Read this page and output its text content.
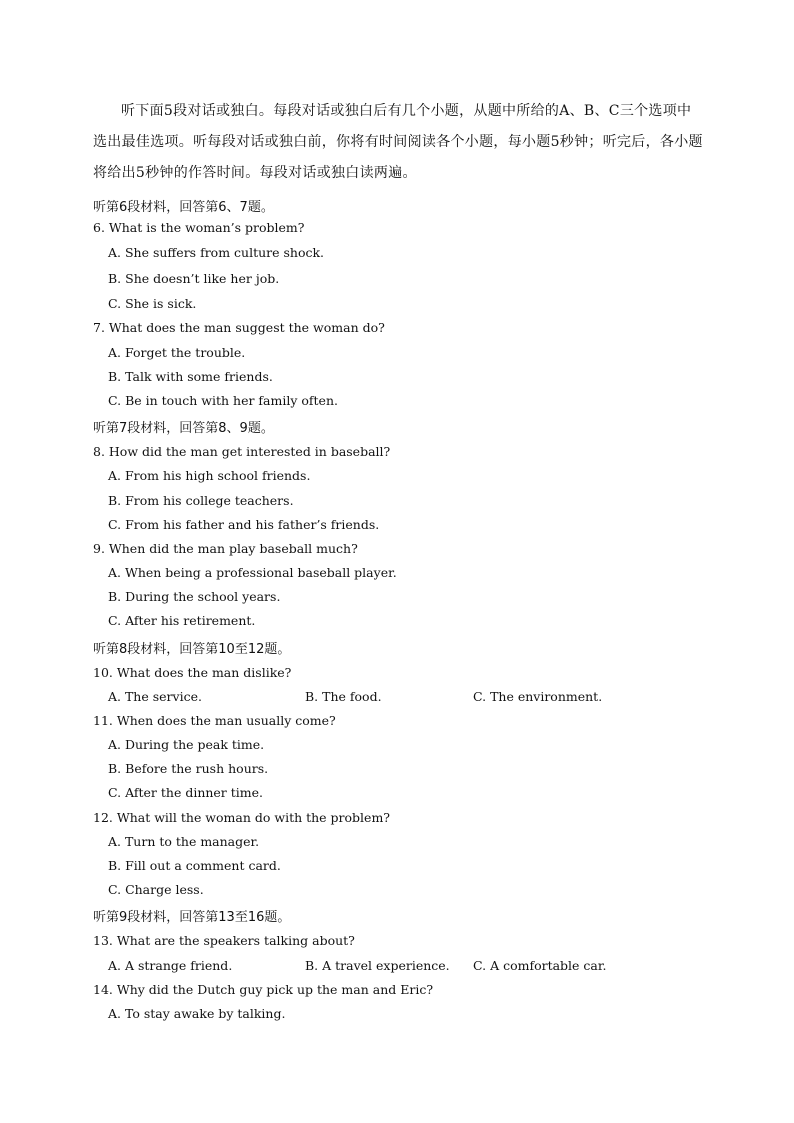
听下面5段对话或独白。每段对话或独白后有几个小题，从题中所给的A、B、C三个选项中选出最佳选项。听每段对话或独白前，你将有时间阅读各个小题，每小题5秒钟；听完后，各小题将给出5秒钟的作答时间。每段对话或独白读两遍。
听第6段材料，回答第6、7题。
6. What is the woman’s problem?
A. She suffers from culture shock.
B. She doesn’t like her job.
C. She is sick.
7. What does the man suggest the woman do?
A. Forget the trouble.
B. Talk with some friends.
C. Be in touch with her family often.
听第7段材料，回答第8、9题。
8. How did the man get interested in baseball?
A. From his high school friends.
B. From his college teachers.
C. From his father and his father’s friends.
9. When did the man play baseball much?
A. When being a professional baseball player.
B. During the school years.
C. After his retirement.
听第8段材料，回答第10至12题。
10. What does the man dislike?
A. The service.	B. The food.	C. The environment.
11. When does the man usually come?
A. During the peak time.
B. Before the rush hours.
C. After the dinner time.
12. What will the woman do with the problem?
A. Turn to the manager.
B. Fill out a comment card.
C. Charge less.
听第9段材料，回答第13至16题。
13. What are the speakers talking about?
A. A strange friend.	B. A travel experience. C. A comfortable car.
14. Why did the Dutch guy pick up the man and Eric?
A. To stay awake by talking.
